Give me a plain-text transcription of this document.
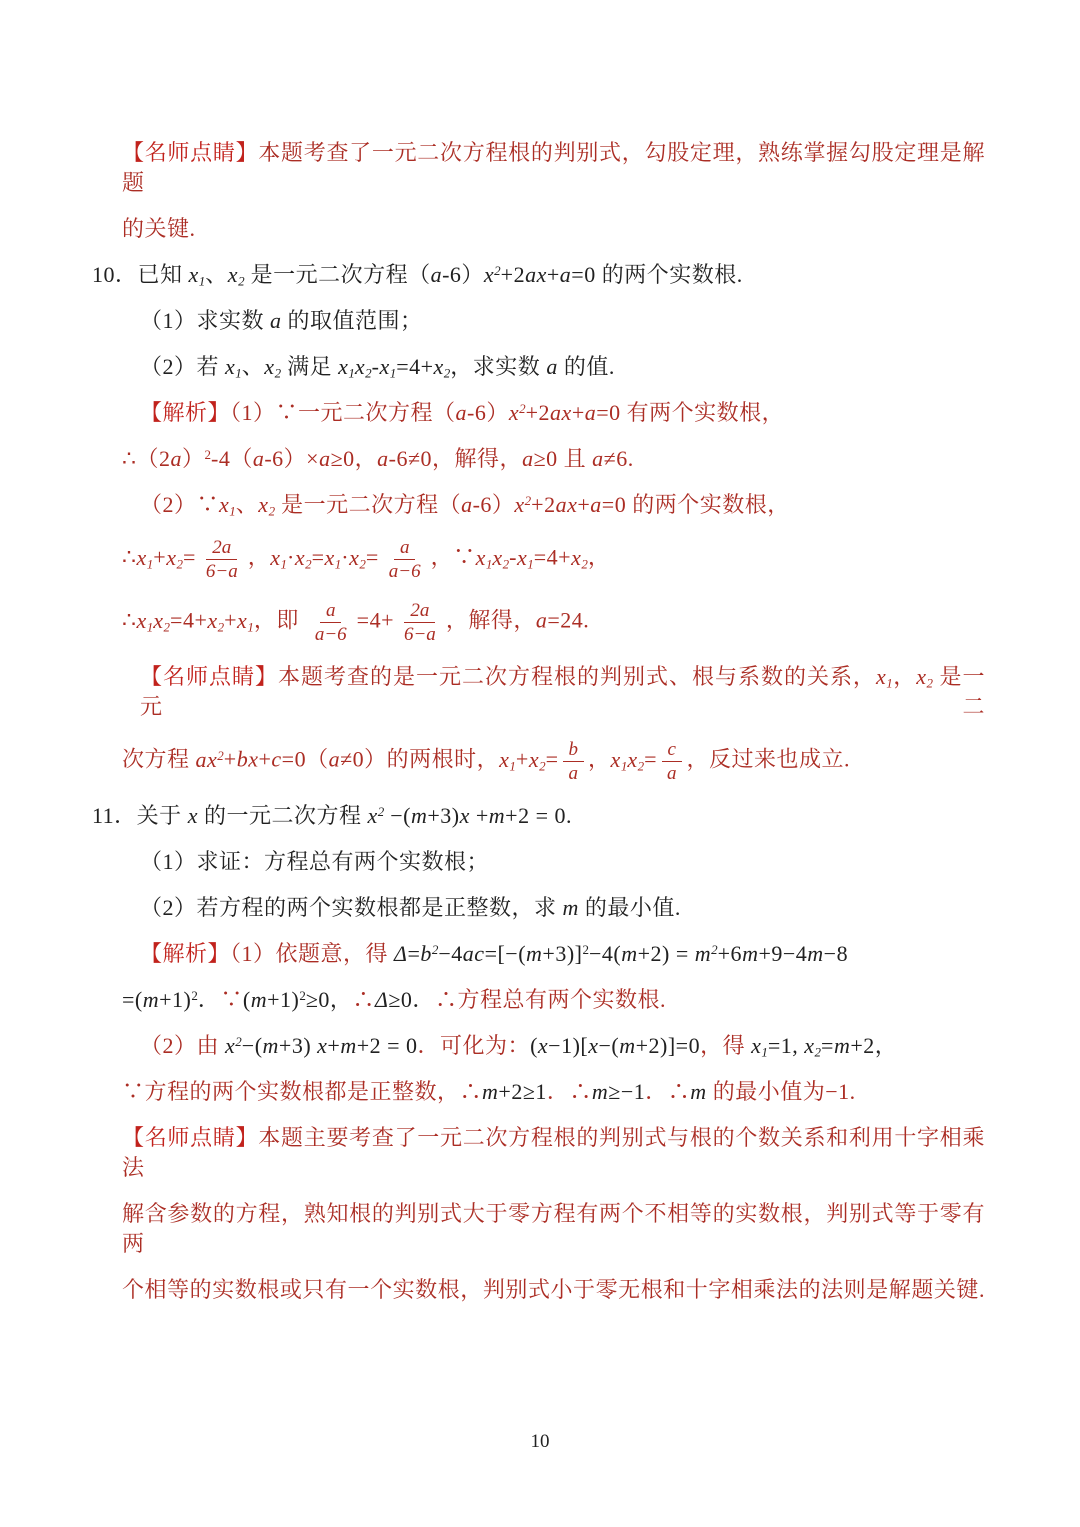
【名师点睛】本题考查了一元二次方程根的判别式，勾股定理，熟练掌握勾股定理是解题
的关键.
10．已知 $x_1$、$x_2$ 是一元二次方程$(a-6)x^2+2ax+a=0$ 的两个实数根.
（1）求实数 a 的取值范围；
（2）若 $x_1$、$x_2$ 满足 $x_1x_2-x_1=4+x_2$，求实数 a 的值.
【解析】（1）∵一元二次方程$(a-6)x^2+2ax+a=0$ 有两个实数根，
$\therefore(2a)^2-4(a-6)\times a\ge 0$，a-6≠0，解得，a≥0 且 a≠6.
$(2)\because x_1$、$x_2$ 是一元二次方程$(a-6)x^2+2ax+a=0$ 的两个实数根，
$\therefore x_1+x_2= \frac{2a}{6-a}$ ，$x_1\cdot x_2=x_1\cdot x_2= \frac{a}{a-6}$ ，$\because x_1x_2-x_1=4+x_2$，
$\therefore x_1x_2=4+x_2+x_1$，即 $\frac{a}{a-6} =4+ \frac{2a}{6-a}$ ，解得，a=24.
【名师点睛】本题考查的是一元二次方程根的判别式、根与系数的关系，$x_1$，$x_2$ 是一元二
次方程 $ax^2+bx+c=0(a\ne 0)$的两根时，$x_1+x_2= \frac{b}{a}$ ，$x_1x_2= \frac{c}{a}$ ，反过来也成立.
11．关于 x 的一元二次方程 $x^2 -(m+3)x +m+2 = 0$.
（1）求证：方程总有两个实数根；
（2）若方程的两个实数根都是正整数，求 m 的最小值.
【解析】（1）依题意，得 $\Delta=b^2-4ac=[-(m+3)]^2-4(m+2) = m^2+6m+9-4m-8$
$=(m+1)^2$．$\because(m+1)^2\ge 0$，∴Δ≥0．∴方程总有两个实数根.
（2）由 $x^2-(m+3) x+m+2 = 0$．可化为：(x−1)[x−(m+2)]=0，得 $x_1=1$, $x_2=m+2$，
∵方程的两个实数根都是正整数，∴m+2≥1．∴m≥−1．∴m 的最小值为−1.
【名师点睛】本题主要考查了一元二次方程根的判别式与根的个数关系和利用十字相乘法
解含参数的方程，熟知根的判别式大于零方程有两个不相等的实数根，判别式等于零有两
个相等的实数根或只有一个实数根，判别式小于零无根和十字相乘法的法则是解题关键.
10
